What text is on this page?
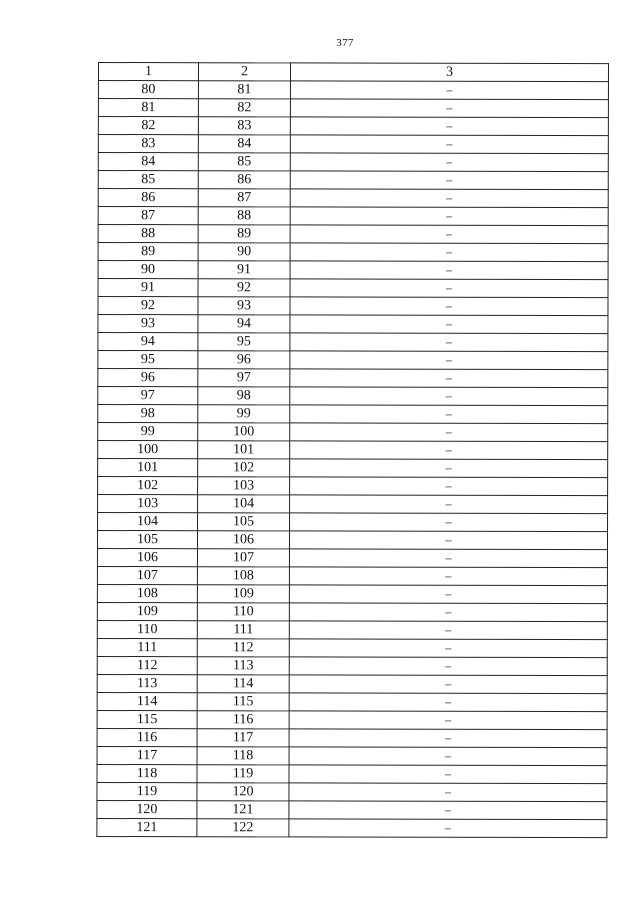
377
1	2	3
80	81	–
81	82	–
82	83	–
83	84	–
84	85	–
85	86	–
86	87	–
87	88	–
88	89	–
89	90	–
90	91	–
91	92	–
92	93	–
93	94	–
94	95	–
95	96	–
96	97	–
97	98	–
98	99	–
99	100	–
100	101	–
101	102	–
102	103	–
103	104	–
104	105	–
105	106	–
106	107	–
107	108	–
108	109	–
109	110	–
110	111	–
111	112	–
112	113	–
113	114	–
114	115	–
115	116	–
116	117	–
117	118	–
118	119	–
119	120	–
120	121	–
121	122	–
